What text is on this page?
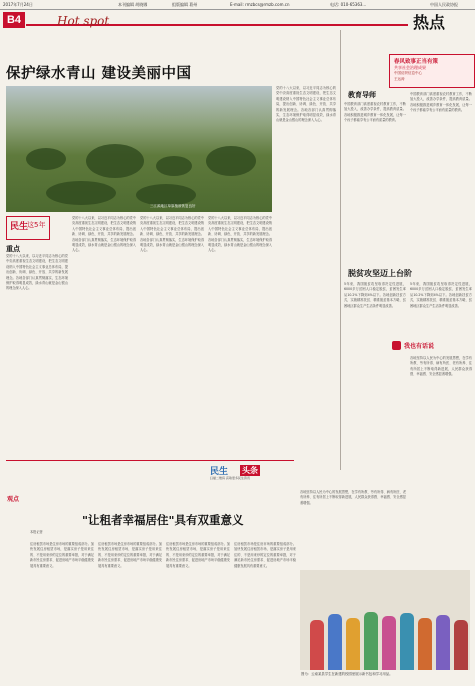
2017年7月24日	本刊编辑 胡晓娜	组版编辑 葛州	E-mail: rmzbcs@rmzb.com.cn	电话: 010-65363...	中国人民政协报
B4	Hot spot	热点
保护绿水青山 建设美丽中国
三江源地区草原植被恢复良好
民生
这5年
重点
党的十八大以来，以习近平同志为核心的党中央高度重视生态文明建设，把生态文明建设纳入中国特色社会主义事业总体布局，提出创新、协调、绿色、开放、共享的新发展理念。各地各部门认真贯彻落实，生态环境保护取得明显成效，绿水青山就是金山银山的理念深入人心。
党的十八大以来，以习近平同志为核心的党中央高度重视生态文明建设，把生态文明建设纳入中国特色社会主义事业总体布局，提出创新、协调、绿色、开放、共享的新发展理念。各地各部门认真贯彻落实，生态环境保护取得明显成效，绿水青山就是金山银山的理念深入人心。
党的十八大以来，以习近平同志为核心的党中央高度重视生态文明建设，把生态文明建设纳入中国特色社会主义事业总体布局，提出创新、协调、绿色、开放、共享的新发展理念。各地各部门认真贯彻落实，生态环境保护取得明显成效，绿水青山就是金山银山的理念深入人心。
党的十八大以来，以习近平同志为核心的党中央高度重视生态文明建设，把生态文明建设纳入中国特色社会主义事业总体布局，提出创新、协调、绿色、开放、共享的新发展理念。各地各部门认真贯彻落实，生态环境保护取得明显成效，绿水青山就是金山银山的理念深入人心。
党的十八大以来，以习近平同志为核心的党中央高度重视生态文明建设，把生态文明建设纳入中国特色社会主义事业总体布局，提出创新、协调、绿色、开放、共享的新发展理念。各地各部门认真贯彻落实，生态环境保护取得明显成效，绿水青山就是金山银山的理念深入人心。
春风致事正当有策
共享社会治理成果
中国纺织信息中心
王运涛
教育导师
中国教育部门高度重视农村教育工作，不断加大投入，改善办学条件，提高教育质量。各地积极推进城乡教育一体化发展，让每一个孩子都能享有公平而有质量的教育。
中国教育部门高度重视农村教育工作，不断加大投入，改善办学条件，提高教育质量。各地积极推进城乡教育一体化发展，让每一个孩子都能享有公平而有质量的教育。
脱贫攻坚迈上台阶
5年来，我国脱贫攻坚取得决定性进展，6000多万贫困人口稳定脱贫，贫困发生率从10.2%下降到4%以下。各地创新扶贫方式，实施精准扶贫、精准脱贫基本方略，贫困地区群众生产生活条件明显改善。
5年来，我国脱贫攻坚取得决定性进展，6000多万贫困人口稳定脱贫，贫困发生率从10.2%下降到4%以下。各地创新扶贫方式，实施精准扶贫、精准脱贫基本方略，贫困地区群众生产生活条件明显改善。
我也有话说
各地坚持以人民为中心的发展思想，在学有所教、劳有所得、病有所医、老有所养、住有所居上不断取得新进展，人民群众获得感、幸福感、安全感显著增强。
各地坚持以人民为中心的发展思想，在学有所教、劳有所得、病有所医、老有所养、住有所居上不断取得新进展，人民群众获得感、幸福感、安全感显著增强。
图为：云南某县学生在新建的校园里展示新书包和学习用品。
民生 头条
扫描二维码 获取更多民生资讯
观点
"让租者幸福居住"具有双重意义
本报记者
住房租赁市场是住房市场的重要组成部分。加快发展住房租赁市场，是落实房子是用来住的、不是用来炒的定位的重要举措，对于满足新市民住房需求、促进房地产市场平稳健康发展具有重要意义。
住房租赁市场是住房市场的重要组成部分。加快发展住房租赁市场，是落实房子是用来住的、不是用来炒的定位的重要举措，对于满足新市民住房需求、促进房地产市场平稳健康发展具有重要意义。
住房租赁市场是住房市场的重要组成部分。加快发展住房租赁市场，是落实房子是用来住的、不是用来炒的定位的重要举措，对于满足新市民住房需求、促进房地产市场平稳健康发展具有重要意义。
住房租赁市场是住房市场的重要组成部分。加快发展住房租赁市场，是落实房子是用来住的、不是用来炒的定位的重要举措，对于满足新市民住房需求、促进房地产市场平稳健康发展具有重要意义。
